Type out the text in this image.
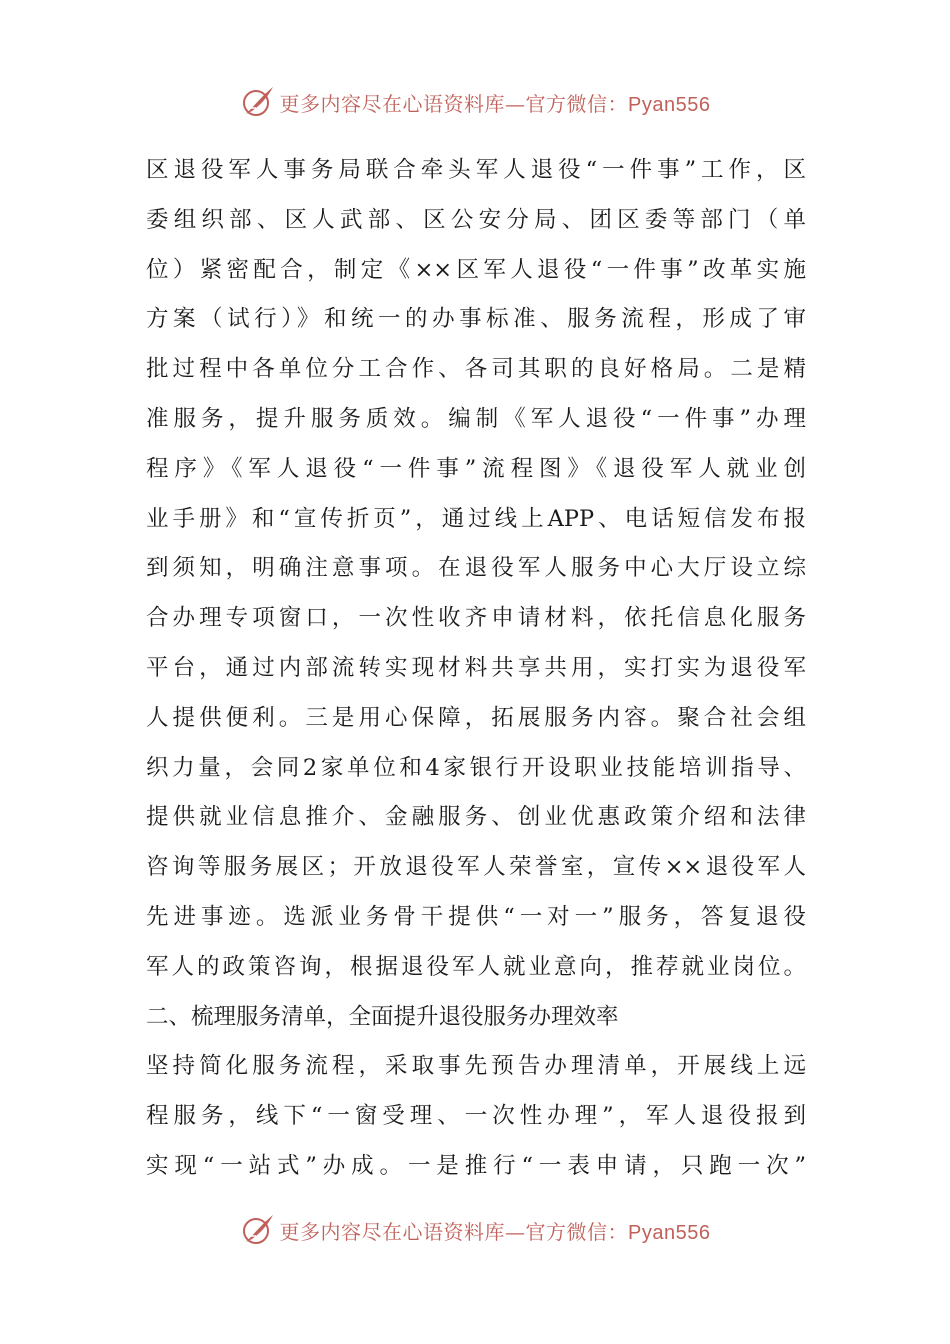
更多内容尽在心语资料库—官方微信：Pyan556
区退役军人事务局联合牵头军人退役“一件事”工作，区
委组织部、区人武部、区公安分局、团区委等部门（单
位）紧密配合，制定《××区军人退役“一件事”改革实施
方案（试行）》和统一的办事标准、服务流程，形成了审
批过程中各单位分工合作、各司其职的良好格局。二是精
准服务，提升服务质效。编制《军人退役“一件事”办理
程序》《军人退役“一件事”流程图》《退役军人就业创
业手册》和“宣传折页”，通过线上APP、电话短信发布报
到须知，明确注意事项。在退役军人服务中心大厅设立综
合办理专项窗口，一次性收齐申请材料，依托信息化服务
平台，通过内部流转实现材料共享共用，实打实为退役军
人提供便利。三是用心保障，拓展服务内容。聚合社会组
织力量，会同2家单位和4家银行开设职业技能培训指导、
提供就业信息推介、金融服务、创业优惠政策介绍和法律
咨询等服务展区；开放退役军人荣誉室，宣传××退役军人
先进事迹。选派业务骨干提供“一对一”服务，答复退役
军人的政策咨询，根据退役军人就业意向，推荐就业岗位。
二、梳理服务清单，全面提升退役服务办理效率
坚持简化服务流程，采取事先预告办理清单，开展线上远
程服务，线下“一窗受理、一次性办理”，军人退役报到
实现“一站式”办成。一是推行“一表申请，只跑一次”
更多内容尽在心语资料库—官方微信：Pyan556
